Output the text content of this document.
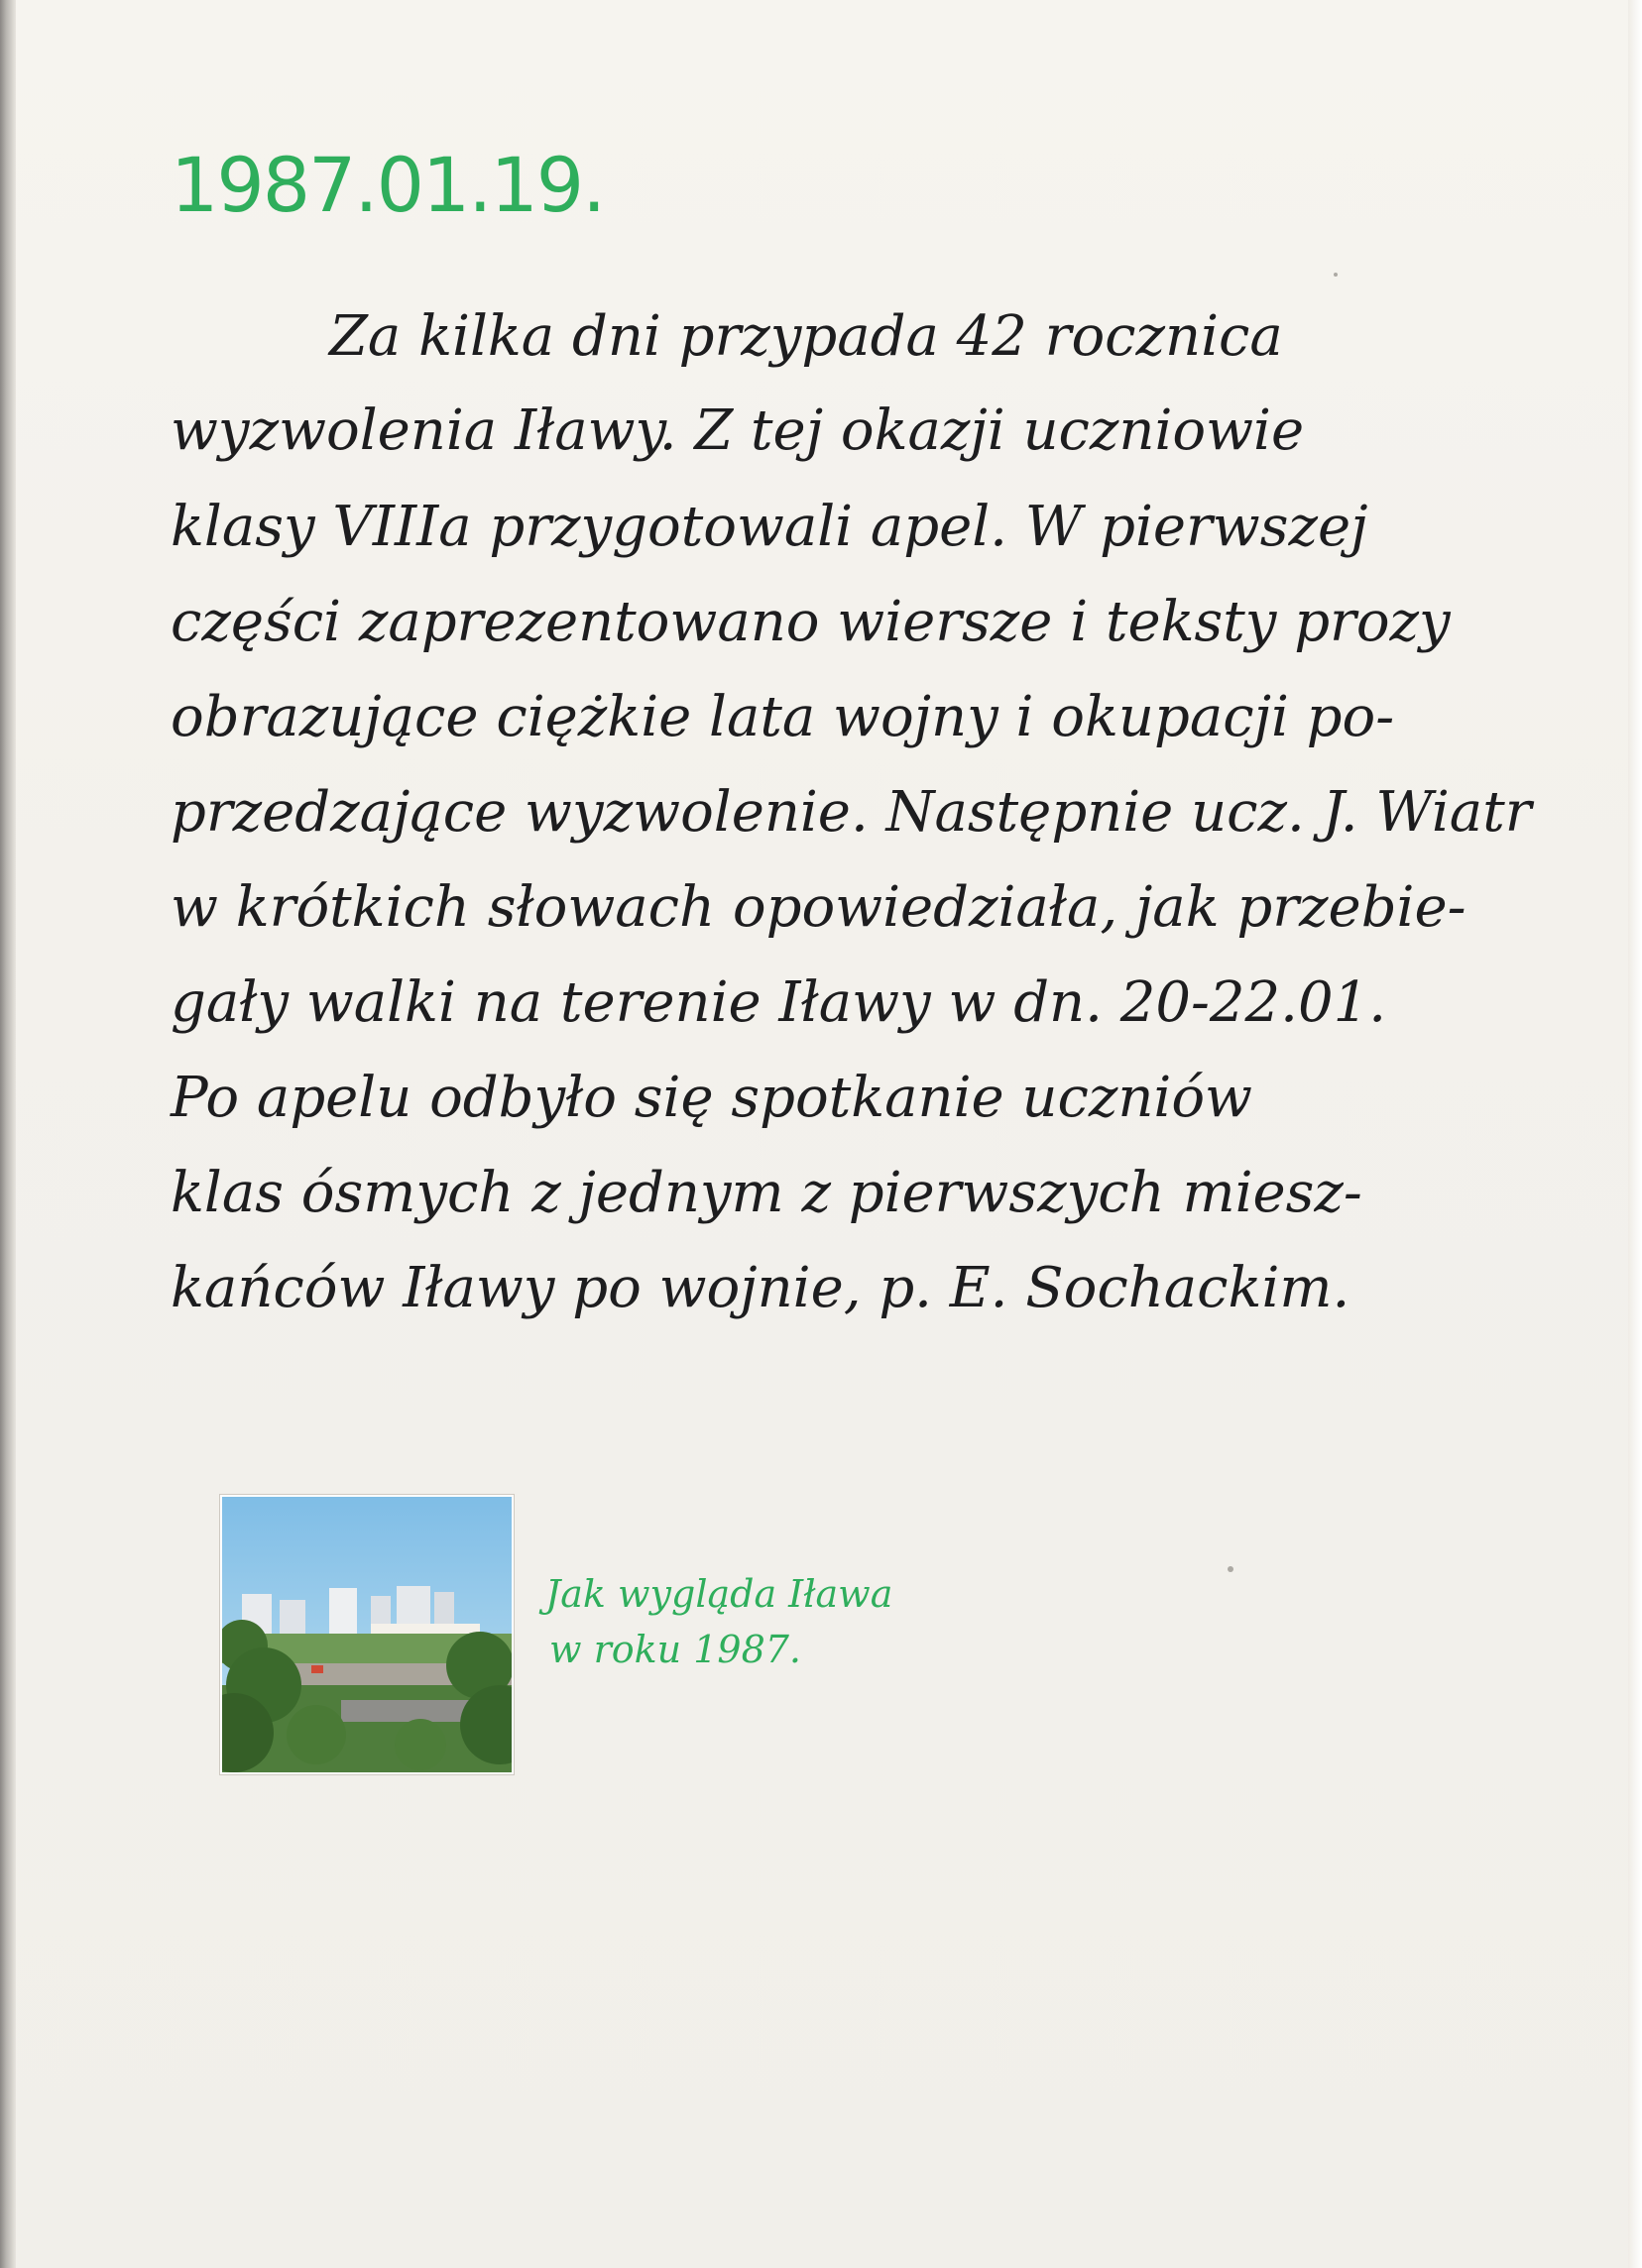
1987.01.19.
Za kilka dni przypada 42 rocznica
wyzwolenia Iławy. Z tej okazji uczniowie
klasy VIIIa przygotowali apel. W pierwszej
części zaprezentowano wiersze i teksty prozy
obrazujące ciężkie lata wojny i okupacji po-
przedzające wyzwolenie. Następnie ucz. J. Wiatr
w krótkich słowach opowiedziała, jak przebie-
gały walki na terenie Iławy w dn. 20-22.01.
Po apelu odbyło się spotkanie uczniów
klas ósmych z jednym z pierwszych miesz-
kańców Iławy po wojnie, p. E. Sochackim.
Jak wygląda Iława
w roku 1987.
